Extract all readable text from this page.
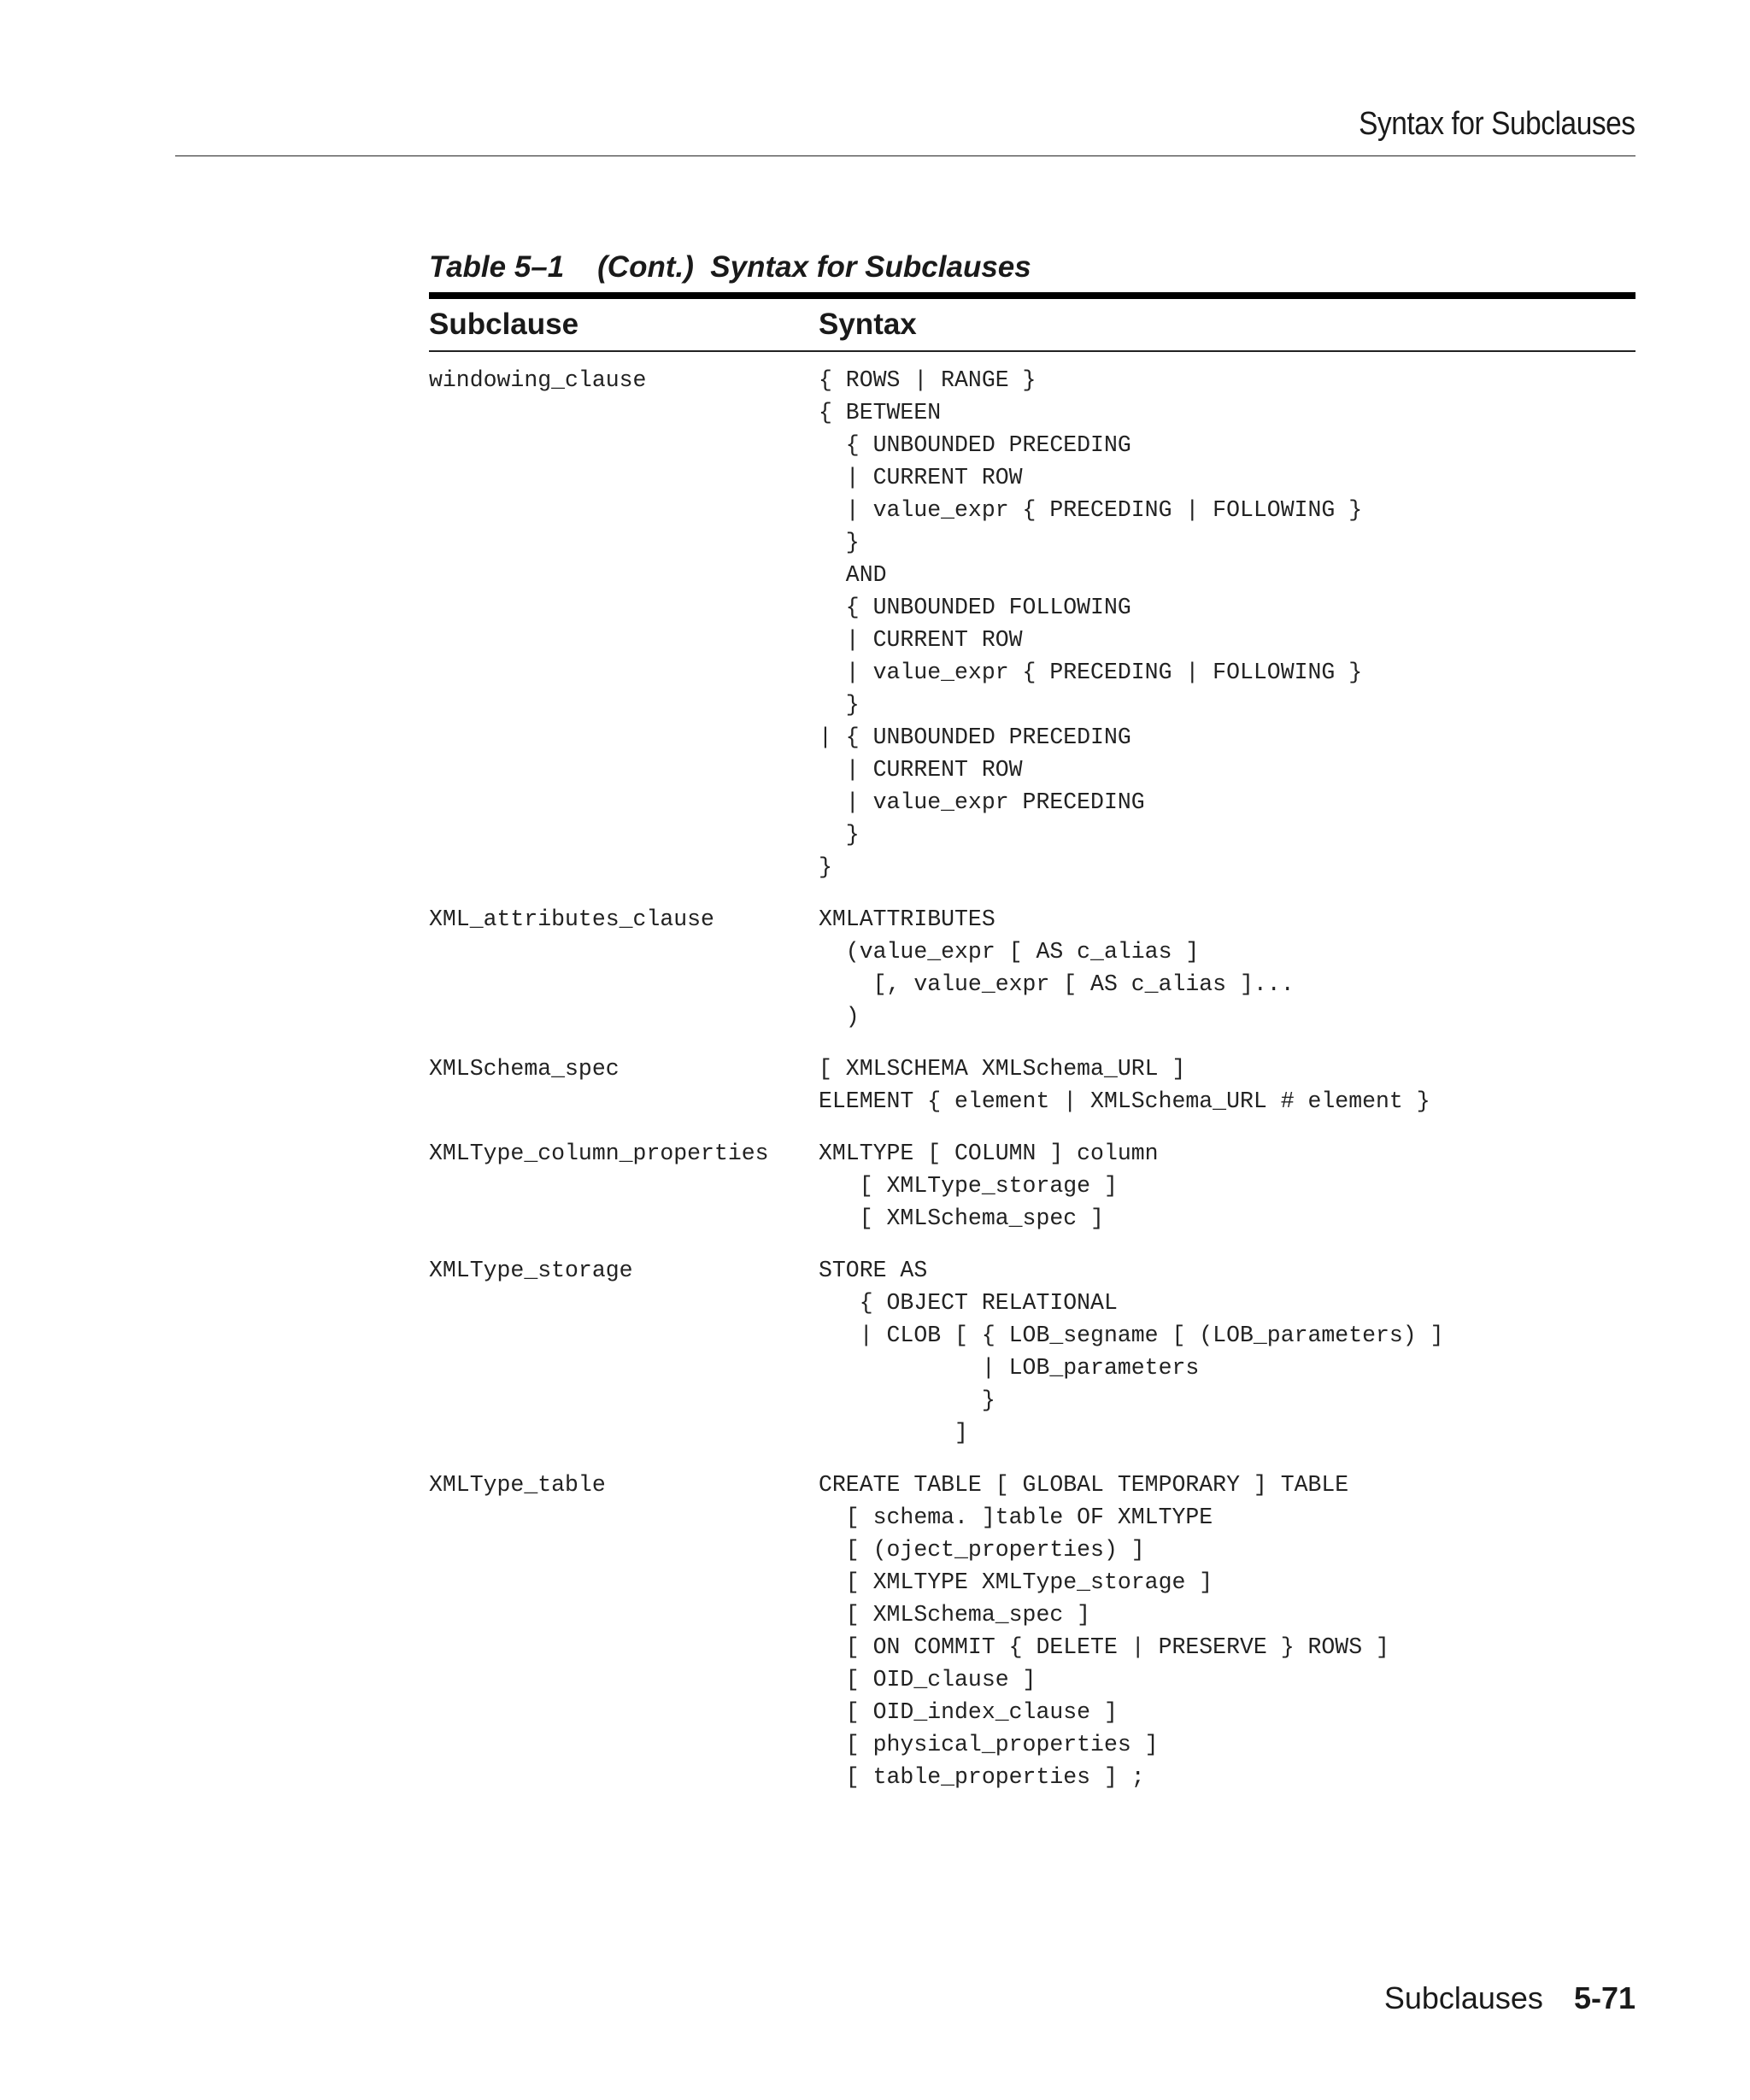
Syntax for Subclauses
Table 5–1    (Cont.)  Syntax for Subclauses
Subclause	Syntax
windowing_clause	{ ROWS | RANGE }
{ BETWEEN
{ UNBOUNDED PRECEDING
| CURRENT ROW
| value_expr { PRECEDING | FOLLOWING }
}
AND
{ UNBOUNDED FOLLOWING
| CURRENT ROW
| value_expr { PRECEDING | FOLLOWING }
}
| { UNBOUNDED PRECEDING
| CURRENT ROW
| value_expr PRECEDING
}
}
XML_attributes_clause	XMLATTRIBUTES
(value_expr [ AS c_alias ]
[, value_expr [ AS c_alias ]...
)
XMLSchema_spec	[ XMLSCHEMA XMLSchema_URL ]
ELEMENT { element | XMLSchema_URL # element }
XMLType_column_properties	XMLTYPE [ COLUMN ] column
[ XMLType_storage ]
[ XMLSchema_spec ]
XMLType_storage	STORE AS
{ OBJECT RELATIONAL
| CLOB [ { LOB_segname [ (LOB_parameters) ]
| LOB_parameters
}
]
XMLType_table	CREATE TABLE [ GLOBAL TEMPORARY ] TABLE
[ schema. ]table OF XMLTYPE
[ (oject_properties) ]
[ XMLTYPE XMLType_storage ]
[ XMLSchema_spec ]
[ ON COMMIT { DELETE | PRESERVE } ROWS ]
[ OID_clause ]
[ OID_index_clause ]
[ physical_properties ]
[ table_properties ] ;
Subclauses 5-71
